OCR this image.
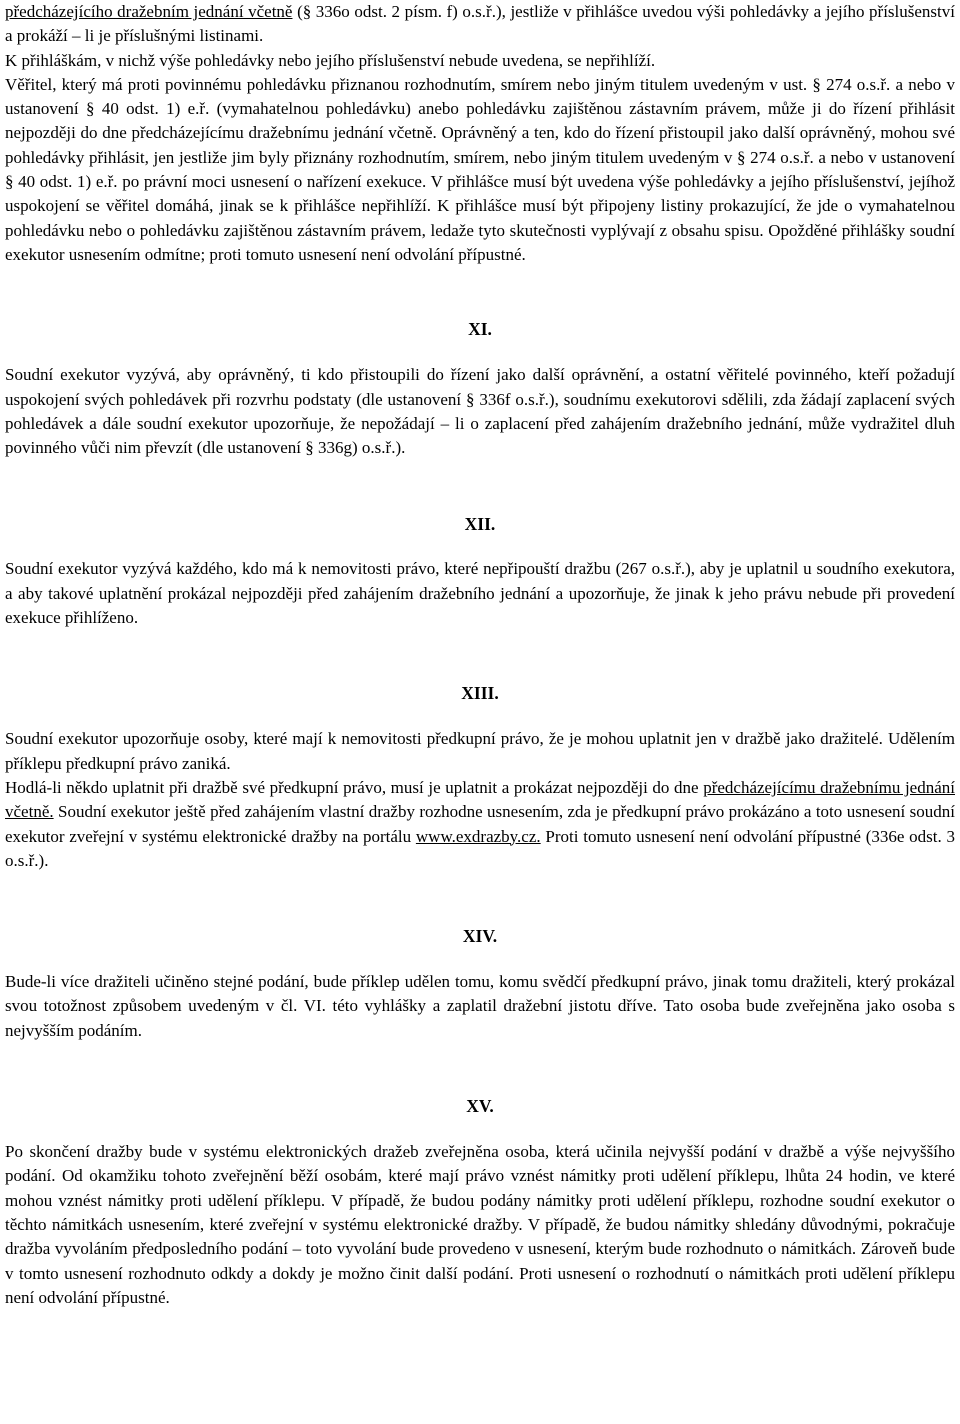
předcházejícího dražebním jednání včetně (§ 336o odst. 2 písm. f) o.s.ř.), jestliže v přihlášce uvedou výši pohledávky a jejího příslušenství a prokáží – li je příslušnými listinami.

K přihláškám, v nichž výše pohledávky nebo jejího příslušenství nebude uvedena, se nepřihlíží.

Věřitel, který má proti povinnému pohledávku přiznanou rozhodnutím, smírem nebo jiným titulem uvedeným v ust. § 274 o.s.ř. a nebo v ustanovení § 40 odst. 1) e.ř. (vymahatelnou pohledávku) anebo pohledávku zajištěnou zástavním právem, může ji do řízení přihlásit nejpozději do dne předcházejícímu dražebnímu jednání včetně. Oprávněný a ten, kdo do řízení přistoupil jako další oprávněný, mohou své pohledávky přihlásit, jen jestliže jim byly přiznány rozhodnutím, smírem, nebo jiným titulem uvedeným v § 274 o.s.ř. a nebo v ustanovení § 40 odst. 1) e.ř. po právní moci usnesení o nařízení exekuce. V přihlášce musí být uvedena výše pohledávky a jejího příslušenství, jejíhož uspokojení se věřitel domáhá, jinak se k přihlášce nepřihlíží. K přihlášce musí být připojeny listiny prokazující, že jde o vymahatelnou pohledávku nebo o pohledávku zajištěnou zástavním právem, ledaže tyto skutečnosti vyplývají z obsahu spisu. Opožděné přihlášky soudní exekutor usnesením odmítne; proti tomuto usnesení není odvolání přípustné.

XI.

Soudní exekutor vyzývá, aby oprávněný, ti kdo přistoupili do řízení jako další oprávnění, a ostatní věřitelé povinného, kteří požadují uspokojení svých pohledávek při rozvrhu podstaty (dle ustanovení § 336f o.s.ř.), soudnímu exekutorovi sdělili, zda žádají zaplacení svých pohledávek a dále soudní exekutor upozorňuje, že nepožádají – li o zaplacení před zahájením dražebního jednání, může vydražitel dluh povinného vůči nim převzít (dle ustanovení § 336g) o.s.ř.).

XII.

Soudní exekutor vyzývá každého, kdo má k nemovitosti právo, které nepřipouští dražbu (267 o.s.ř.), aby je uplatnil u soudního exekutora, a aby takové uplatnění prokázal nejpozději před zahájením dražebního jednání a upozorňuje, že jinak k jeho právu nebude při provedení exekuce přihlíženo.

XIII.

Soudní exekutor upozorňuje osoby, které mají k nemovitosti předkupní právo, že je mohou uplatnit jen v dražbě jako dražitelé. Udělením příklepu předkupní právo zaniká.

Hodlá-li někdo uplatnit při dražbě své předkupní právo, musí je uplatnit a prokázat nejpozději do dne předcházejícímu dražebnímu jednání včetně. Soudní exekutor ještě před zahájením vlastní dražby rozhodne usnesením, zda je předkupní právo prokázáno a toto usnesení soudní exekutor zveřejní v systému elektronické dražby na portálu www.exdrazby.cz. Proti tomuto usnesení není odvolání přípustné (336e odst. 3 o.s.ř.).

XIV.

Bude-li více dražiteli učiněno stejné podání, bude příklep udělen tomu, komu svědčí předkupní právo, jinak tomu dražiteli, který prokázal svou totožnost způsobem uvedeným v čl. VI. této vyhlášky a zaplatil dražební jistotu dříve. Tato osoba bude zveřejněna jako osoba s nejvyšším podáním.

XV.

Po skončení dražby bude v systému elektronických dražeb zveřejněna osoba, která učinila nejvyšší podání v dražbě a výše nejvyššího podání. Od okamžiku tohoto zveřejnění běží osobám, které mají právo vznést námitky proti udělení příklepu, lhůta 24 hodin, ve které mohou vznést námitky proti udělení příklepu. V případě, že budou podány námitky proti udělení příklepu, rozhodne soudní exekutor o těchto námitkách usnesením, které zveřejní v systému elektronické dražby. V případě, že budou námitky shledány důvodnými, pokračuje dražba vyvoláním předposledního podání – toto vyvolání bude provedeno v usnesení, kterým bude rozhodnuto o námitkách. Zároveň bude v tomto usnesení rozhodnuto odkdy a dokdy je možno činit další podání. Proti usnesení o rozhodnutí o námitkách proti udělení příklepu není odvolání přípustné.
